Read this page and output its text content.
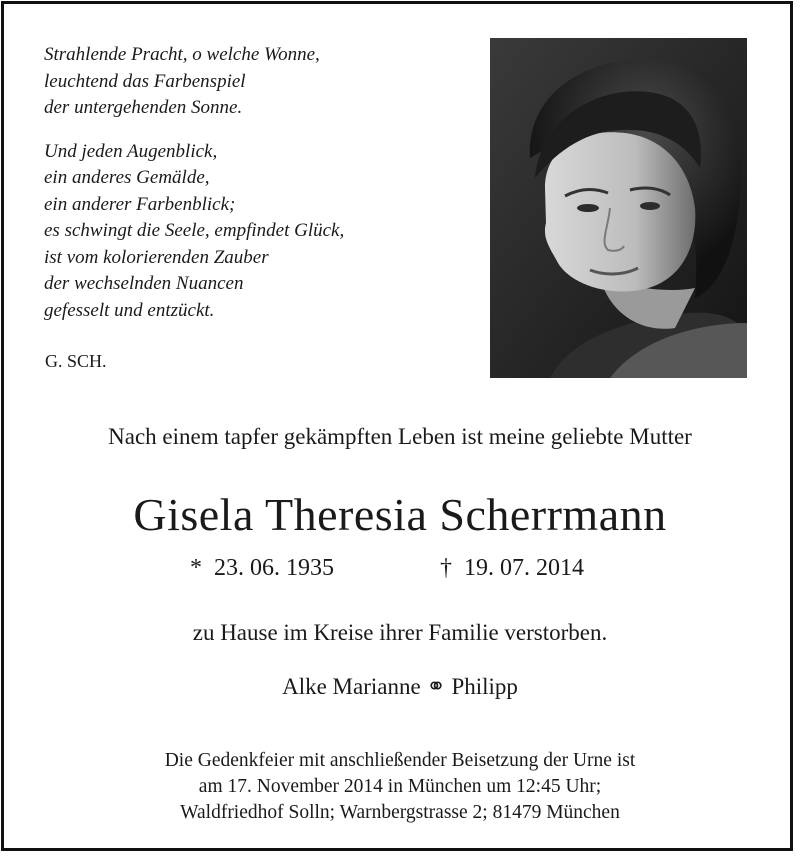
Strahlende Pracht, o welche Wonne,
leuchtend das Farbenspiel
der untergehenden Sonne.
Und jeden Augenblick,
ein anderes Gemälde,
ein anderer Farbenblick;
es schwingt die Seele, empfindet Glück,
ist vom kolorierenden Zauber
der wechselnden Nuancen
gefesselt und entzückt.
G. SCH.
Nach einem tapfer gekämpften Leben ist meine geliebte Mutter
Gisela Theresia Scherrmann
* 23. 06. 1935	† 19. 07. 2014
zu Hause im Kreise ihrer Familie verstorben.
Alke Marianne ⚭ Philipp
Die Gedenkfeier mit anschließender Beisetzung der Urne ist
am 17. November 2014 in München um 12:45 Uhr;
Waldfriedhof Solln; Warnbergstrasse 2; 81479 München
